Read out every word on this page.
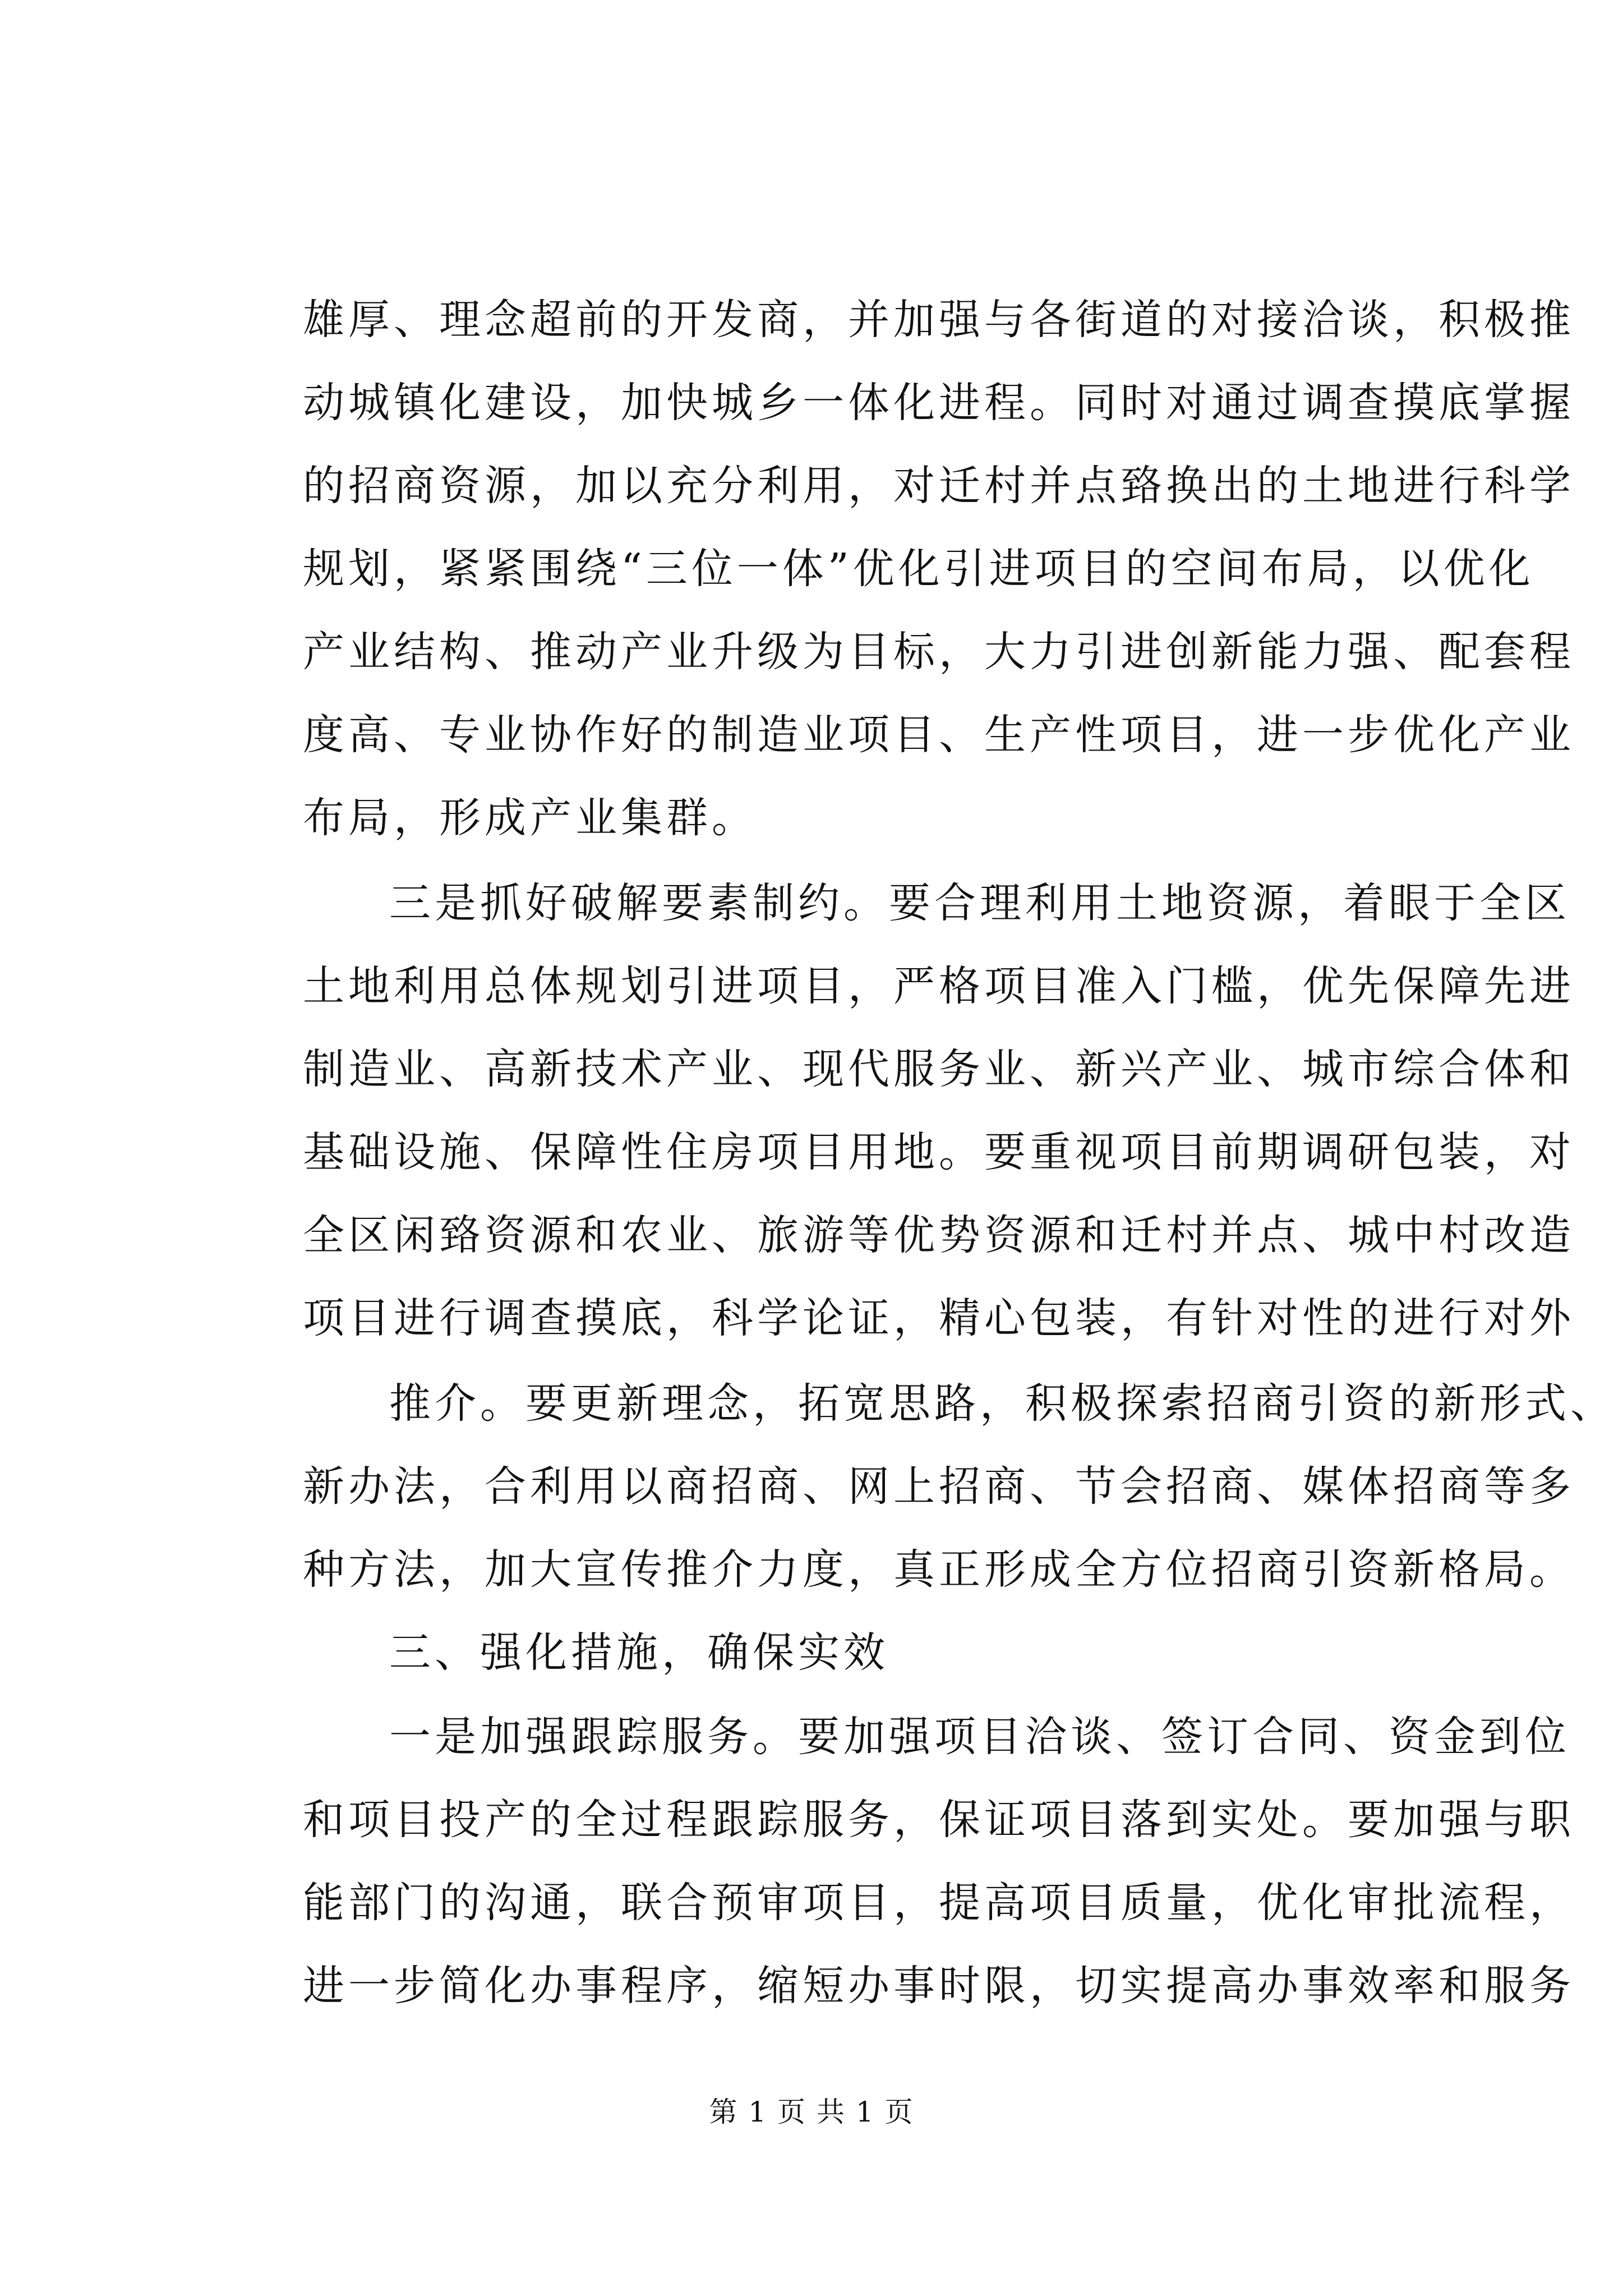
雄厚、理念超前的开发商，并加强与各街道的对接洽谈，积极推
动城镇化建设，加快城乡一体化进程。同时对通过调查摸底掌握
的招商资源，加以充分利用，对迁村并点臵换出的土地进行科学
规划，紧紧围绕“三位一体”优化引进项目的空间布局，以优化
产业结构、推动产业升级为目标，大力引进创新能力强、配套程
度高、专业协作好的制造业项目、生产性项目，进一步优化产业
布局，形成产业集群。
三是抓好破解要素制约。要合理利用土地资源，着眼于全区
土地利用总体规划引进项目，严格项目准入门槛，优先保障先进
制造业、高新技术产业、现代服务业、新兴产业、城市综合体和
基础设施、保障性住房项目用地。要重视项目前期调研包装，对
全区闲臵资源和农业、旅游等优势资源和迁村并点、城中村改造
项目进行调查摸底，科学论证，精心包装，有针对性的进行对外
推介。要更新理念，拓宽思路，积极探索招商引资的新形式、
新办法，合利用以商招商、网上招商、节会招商、媒体招商等多
种方法，加大宣传推介力度，真正形成全方位招商引资新格局。
三、强化措施，确保实效
一是加强跟踪服务。要加强项目洽谈、签订合同、资金到位
和项目投产的全过程跟踪服务，保证项目落到实处。要加强与职
能部门的沟通，联合预审项目，提高项目质量，优化审批流程，
进一步简化办事程序，缩短办事时限，切实提高办事效率和服务
第 1 页 共 1 页
